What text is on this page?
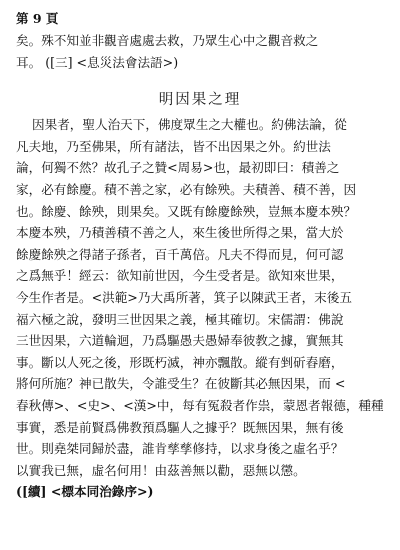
第 9 頁
矣。殊不知並非觀音處處去救，乃眾生心中之觀音救之
耳。 ([三] <息災法會法語>)
明因果之理
因果者，聖人治天下，佛度眾生之大權也。約佛法論，從
凡夫地，乃至佛果，所有諸法，皆不出因果之外。約世法
論，何獨不然？故孔子之贊<周易>也，最初即曰：積善之
家，必有餘慶。積不善之家，必有餘殃。夫積善、積不善，因
也。餘慶、餘殃，則果矣。又既有餘慶餘殃，豈無本慶本殃？
本慶本殃，乃積善積不善之人，來生後世所得之果，當大於
餘慶餘殃之得諸子孫者，百千萬倍。凡夫不得而見，何可認
之爲無乎！經云：欲知前世因，今生受者是。欲知來世果，
今生作者是。<洪範>乃大禹所著，箕子以陳武王者，末後五
福六極之說，發明三世因果之義，極其確切。宋儒謂：佛說
三世因果，六道輪迴，乃爲驅愚夫愚婦奉彼教之據，實無其
事。斷以人死之後，形既朽滅，神亦飄散。縱有剉斫舂磨，
將何所施？神已散失，令誰受生？在彼斷其必無因果，而 <
春秋傳>、<史>、<漢>中，每有冤殺者作祟，蒙恩者報德，種種
事實，悉是前賢爲佛教預爲驅人之據乎？既無因果，無有後
世。則堯桀同歸於盡，誰肯孳孳修持，以求身後之虛名乎？
以實我已無，虛名何用！由茲善無以勸，惡無以懲。
([續] <標本同治錄序>)
